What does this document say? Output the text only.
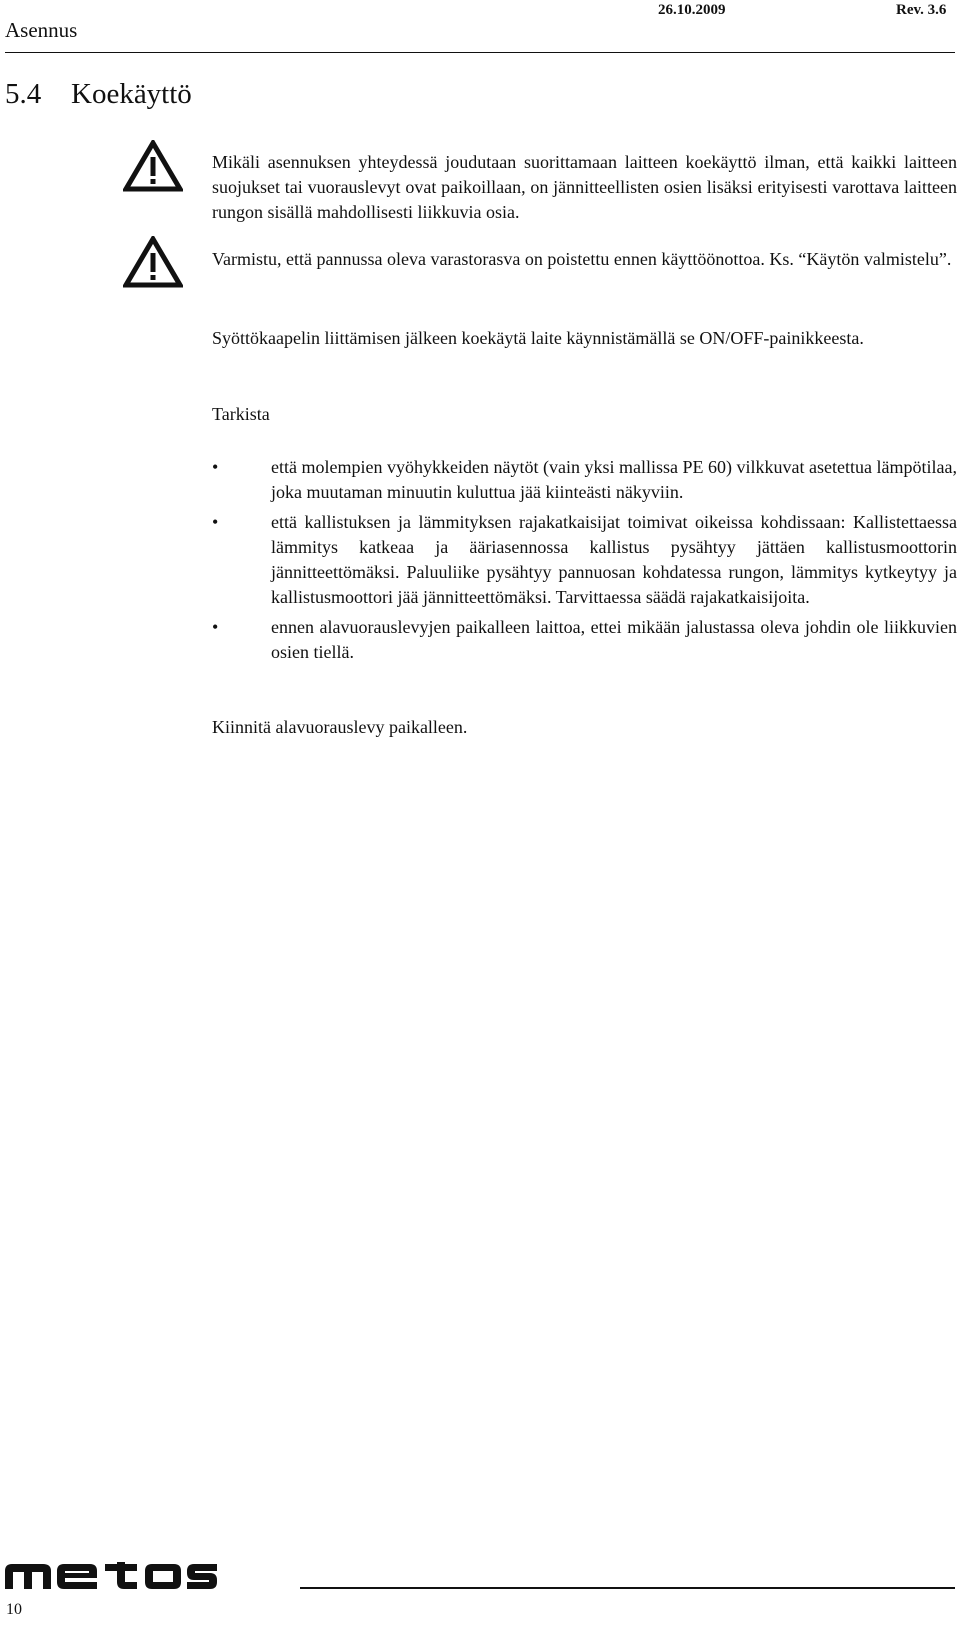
Asennus
26.10.2009	Rev. 3.6
5.4 Koekäyttö

Mikäli asennuksen yhteydessä joudutaan suorittamaan laitteen koekäyttö ilman, että kaikki laitteen suojukset tai vuorauslevyt ovat paikoillaan, on jännitteellisten osien lisäksi erityisesti varottava laitteen rungon sisällä mahdollisesti liikkuvia osia.

Varmistu, että pannussa oleva varastorasva on poistettu ennen käyttöönottoa. Ks. “Käytön valmistelu”.

Syöttökaapelin liittämisen jälkeen koekäytä laite käynnistämällä se ON/OFF-painikkeesta.

Tarkista

•	että molempien vyöhykkeiden näytöt (vain yksi mallissa PE 60) vilkkuvat asetettua lämpötilaa, joka muutaman minuutin kuluttua jää kiinteästi näkyviin.
•	että kallistuksen ja lämmityksen rajakatkaisijat toimivat oikeissa kohdissaan: Kallistettaessa lämmitys katkeaa ja ääriasennossa kallistus pysähtyy jättäen kallistusmoottorin jännitteettömäksi. Paluuliike pysähtyy pannuosan kohdatessa rungon, lämmitys kytkeytyy ja kallistusmoottori jää jännitteettömäksi. Tarvittaessa säädä rajakatkaisijoita.
•	ennen alavuorauslevyjen paikalleen laittoa, ettei mikään jalustassa oleva johdin ole liikkuvien osien tiellä.

Kiinnitä alavuorauslevy paikalleen.

10
